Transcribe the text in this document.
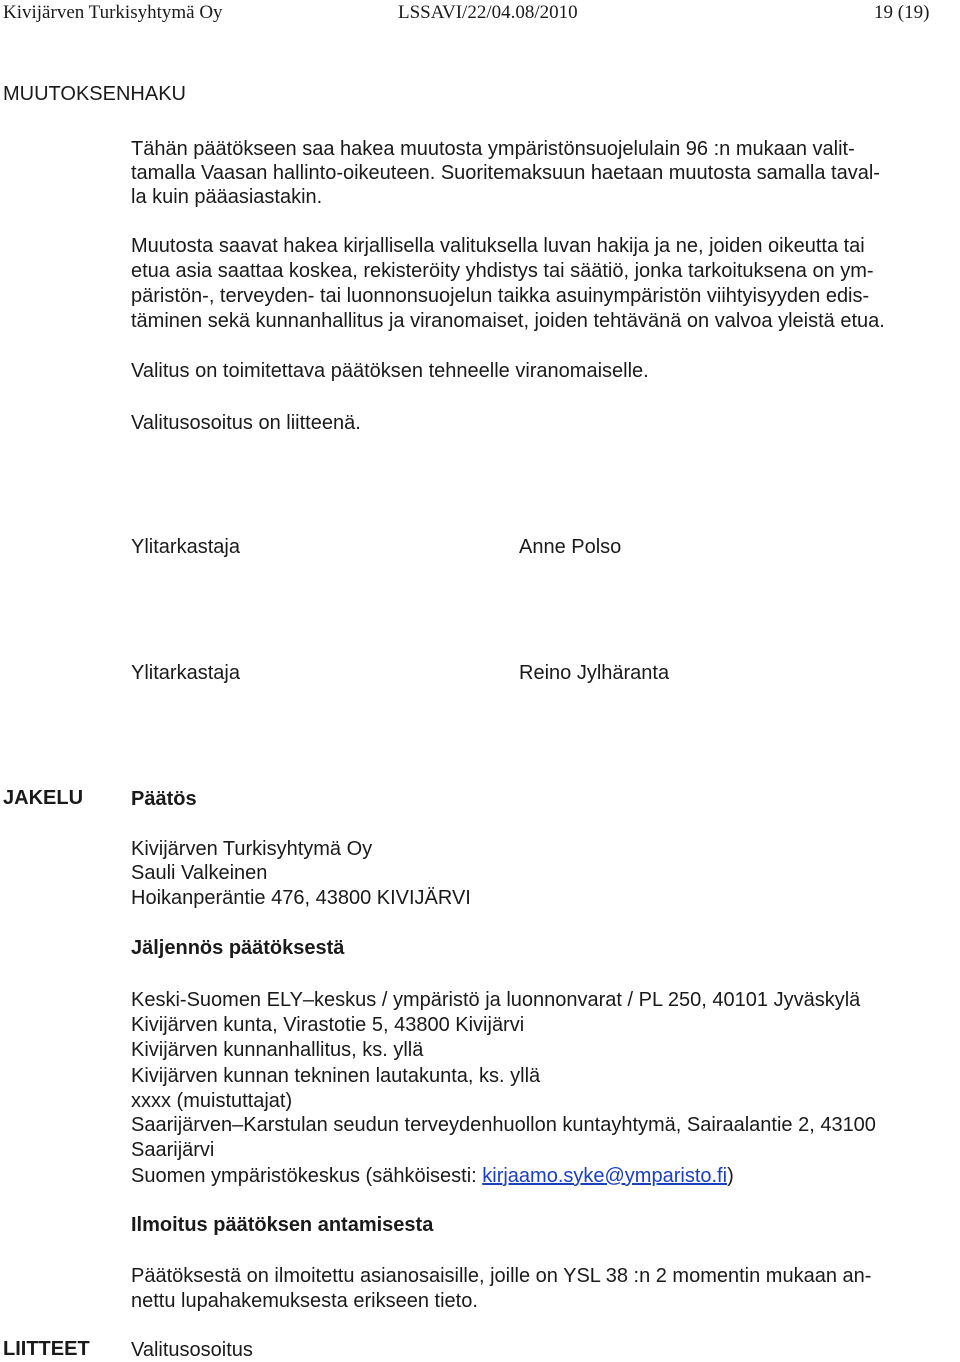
Kivijärven Turkisyhtymä Oy	LSSAVI/22/04.08/2010	19 (19)
MUUTOKSENHAKU
Tähän päätökseen saa hakea muutosta ympäristönsuojelulain 96 :n mukaan valit-
tamalla Vaasan hallinto-oikeuteen. Suoritemaksuun haetaan muutosta samalla taval-
la kuin pääasiastakin.
Muutosta saavat hakea kirjallisella valituksella luvan hakija ja ne, joiden oikeutta tai
etua asia saattaa koskea, rekisteröity yhdistys tai säätiö, jonka tarkoituksena on ym-
päristön-, terveyden- tai luonnonsuojelun taikka asuinympäristön viihtyisyyden edis-
täminen sekä kunnanhallitus ja viranomaiset, joiden tehtävänä on valvoa yleistä etua.
Valitus on toimitettava päätöksen tehneelle viranomaiselle.
Valitusosoitus on liitteenä.
Ylitarkastaja	Anne Polso
Ylitarkastaja	Reino Jylhäranta
JAKELU Päätös
Kivijärven Turkisyhtymä Oy
Sauli Valkeinen
Hoikanperäntie 476, 43800 KIVIJÄRVI
Jäljennös päätöksestä
Keski-Suomen ELY–keskus / ympäristö ja luonnonvarat / PL 250, 40101 Jyväskylä
Kivijärven kunta, Virastotie 5, 43800 Kivijärvi
Kivijärven kunnanhallitus, ks. yllä
Kivijärven kunnan tekninen lautakunta, ks. yllä
xxxx (muistuttajat)
Saarijärven–Karstulan seudun terveydenhuollon kuntayhtymä, Sairaalantie 2, 43100
Saarijärvi
Suomen ympäristökeskus (sähköisesti: kirjaamo.syke@ymparisto.fi)
Ilmoitus päätöksen antamisesta
Päätöksestä on ilmoitettu asianosaisille, joille on YSL 38 :n 2 momentin mukaan an-
nettu lupahakemuksesta erikseen tieto.
LIITTEET Valitusosoitus
